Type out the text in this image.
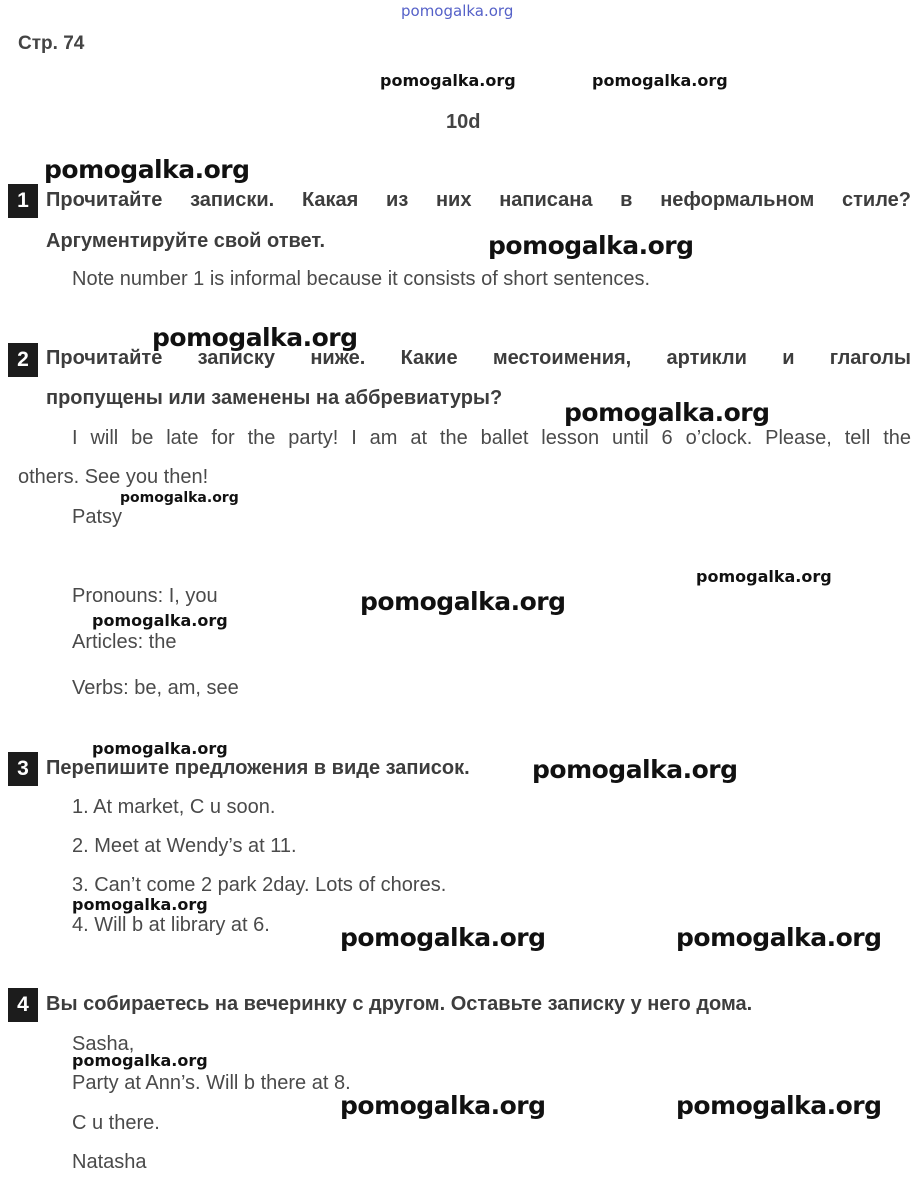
pomogalka.org
Стр. 74
pomogalka.org	pomogalka.org
10d
pomogalka.org
1 Прочитайте записки. Какая из них написана в неформальном стиле?
Аргументируйте свой ответ.	pomogalka.org
Note number 1 is informal because it consists of short sentences.
pomogalka.org
2 Прочитайте записку ниже. Какие местоимения, артикли и глаголы
пропущены или заменены на аббревиатуры?	pomogalka.org
I will be late for the party! I am at the ballet lesson until 6 o’clock. Please, tell the
others. See you then!
pomogalka.org
Patsy
pomogalka.org
Pronouns: I, you	pomogalka.org
pomogalka.org
Articles: the
Verbs: be, am, see
pomogalka.org
3 Перепишите предложения в виде записок.	pomogalka.org
1. At market, C u soon.
2. Meet at Wendy’s at 11.
3. Can’t come 2 park 2day. Lots of chores.
pomogalka.org
4. Will b at library at 6.	pomogalka.org	pomogalka.org
4 Вы собираетесь на вечеринку с другом. Оставьте записку у него дома.
Sasha,
pomogalka.org
Party at Ann’s. Will b there at 8.
pomogalka.org	pomogalka.org
C u there.
Natasha
